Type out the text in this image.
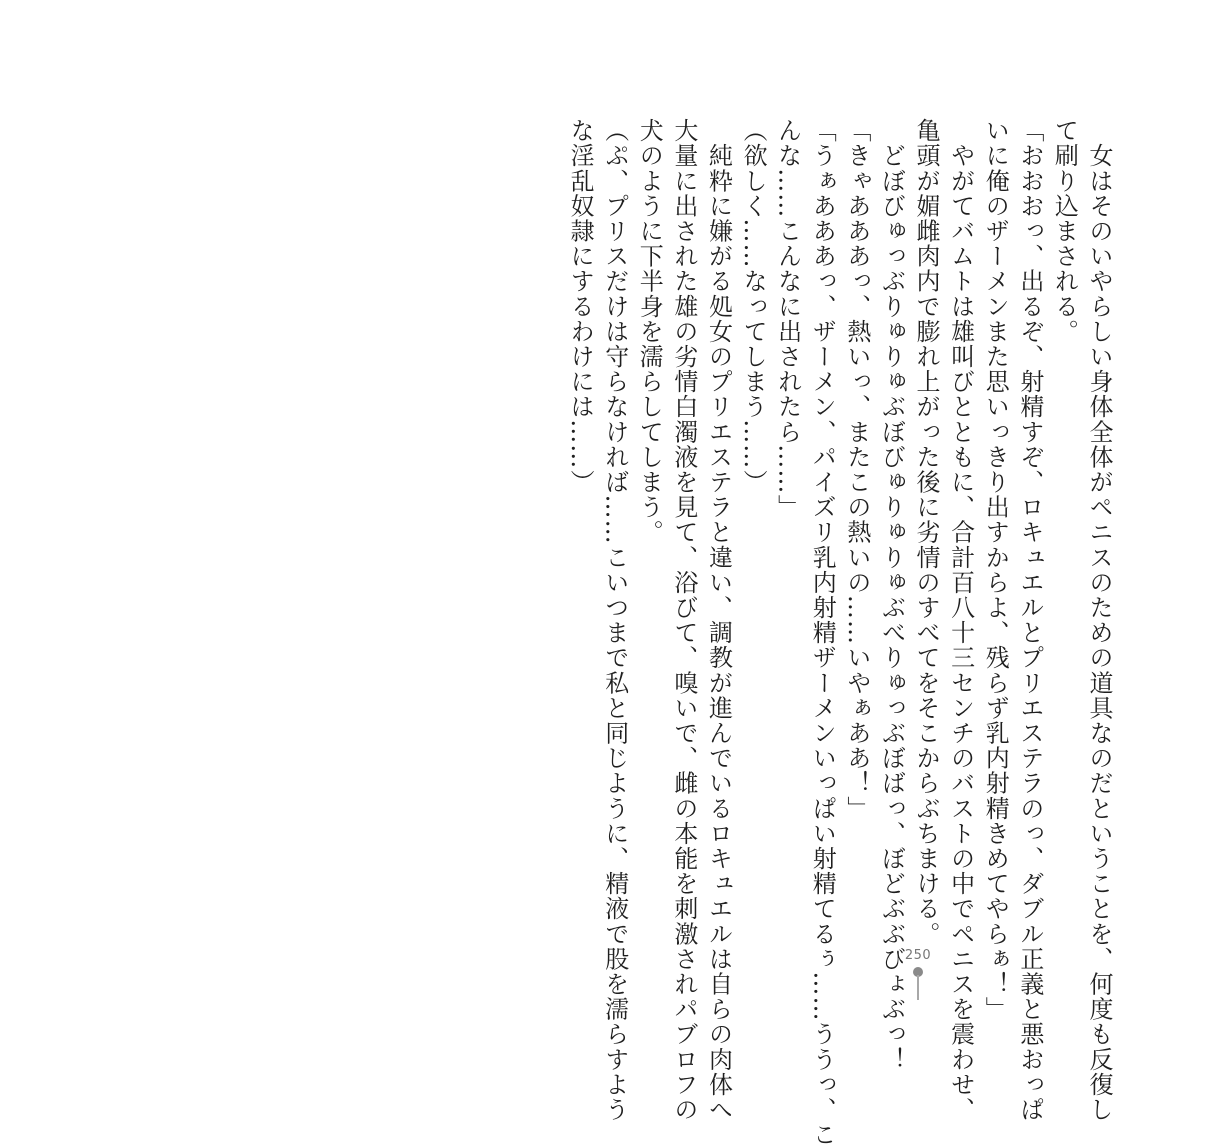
　女はそのいやらしい身体全体がペニスのための道具なのだということを、何度も反復し
て刷り込まされる。
「おおおっ、出るぞ、射精すぞ、ロキュエルとプリエステラのっ、ダブル正義と悪おっぱ
いに俺のザーメンまた思いっきり出すからよ、残らず乳内射精きめてやらぁ！」
　やがてバムトは雄叫びとともに、合計百八十三センチのバストの中でペニスを震わせ、
亀頭が媚雌肉内で膨れ上がった後に劣情のすべてをそこからぶちまける。
　どぼびゅっぶりゅりゅぶぼびゅりゅりゅぶべりゅっぶぼばっ、ぼどぶぶびょぶっ！
「きゃあああっ、熱いっ、またこの熱いの……いやぁああ！」
「うぁあああっ、ザーメン、パイズリ乳内射精ザーメンいっぱい射精てるぅ……ううっ、こ
んな……こんなに出されたら……」
（欲しく……なってしまう……）
　純粋に嫌がる処女のプリエステラと違い、調教が進んでいるロキュエルは自らの肉体へ
大量に出された雄の劣情白濁液を見て、浴びて、嗅いで、雌の本能を刺激されパブロフの
犬のように下半身を濡らしてしまう。
（ぷ、プリスだけは守らなければ……こいつまで私と同じように、精液で股を濡らすよう
な淫乱奴隷にするわけには……）
250
